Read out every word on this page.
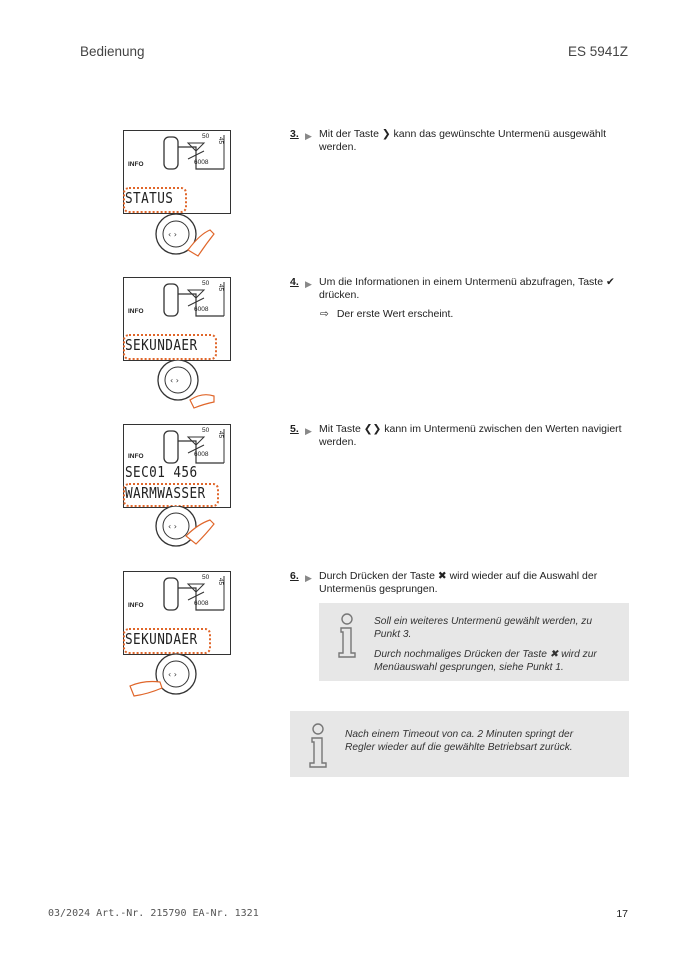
Bedienung	ES 5941Z
50
45
6008
INFO
STATUS
‹ ›
50
45
6008
INFO
SEKUNDAER
‹ ›
50
45
6008
INFO
SEC01 456
WARMWASSER
‹ ›
50
45
6008
INFO
SEKUNDAER
‹ ›
3. ▶ Mit der Taste ❯ kann das gewünschte Untermenü ausgewählt werden.
4. ▶ Um die Informationen in einem Untermenü abzufragen, Taste ✔ drücken.
⇨ Der erste Wert erscheint.
5. ▶ Mit Taste ❮❯ kann im Untermenü zwischen den Werten navigiert werden.
6. ▶ Durch Drücken der Taste ✖ wird wieder auf die Auswahl der Untermenüs gesprungen.

Soll ein weiteres Untermenü gewählt werden, zu Punkt 3.

Durch nochmaliges Drücken der Taste ✖ wird zur Menüauswahl gesprungen, siehe Punkt 1.

Nach einem Timeout von ca. 2 Minuten springt der Regler wieder auf die gewählte Betriebsart zurück.

03/2024 Art.-Nr. 215790 EA-Nr. 1321	17
